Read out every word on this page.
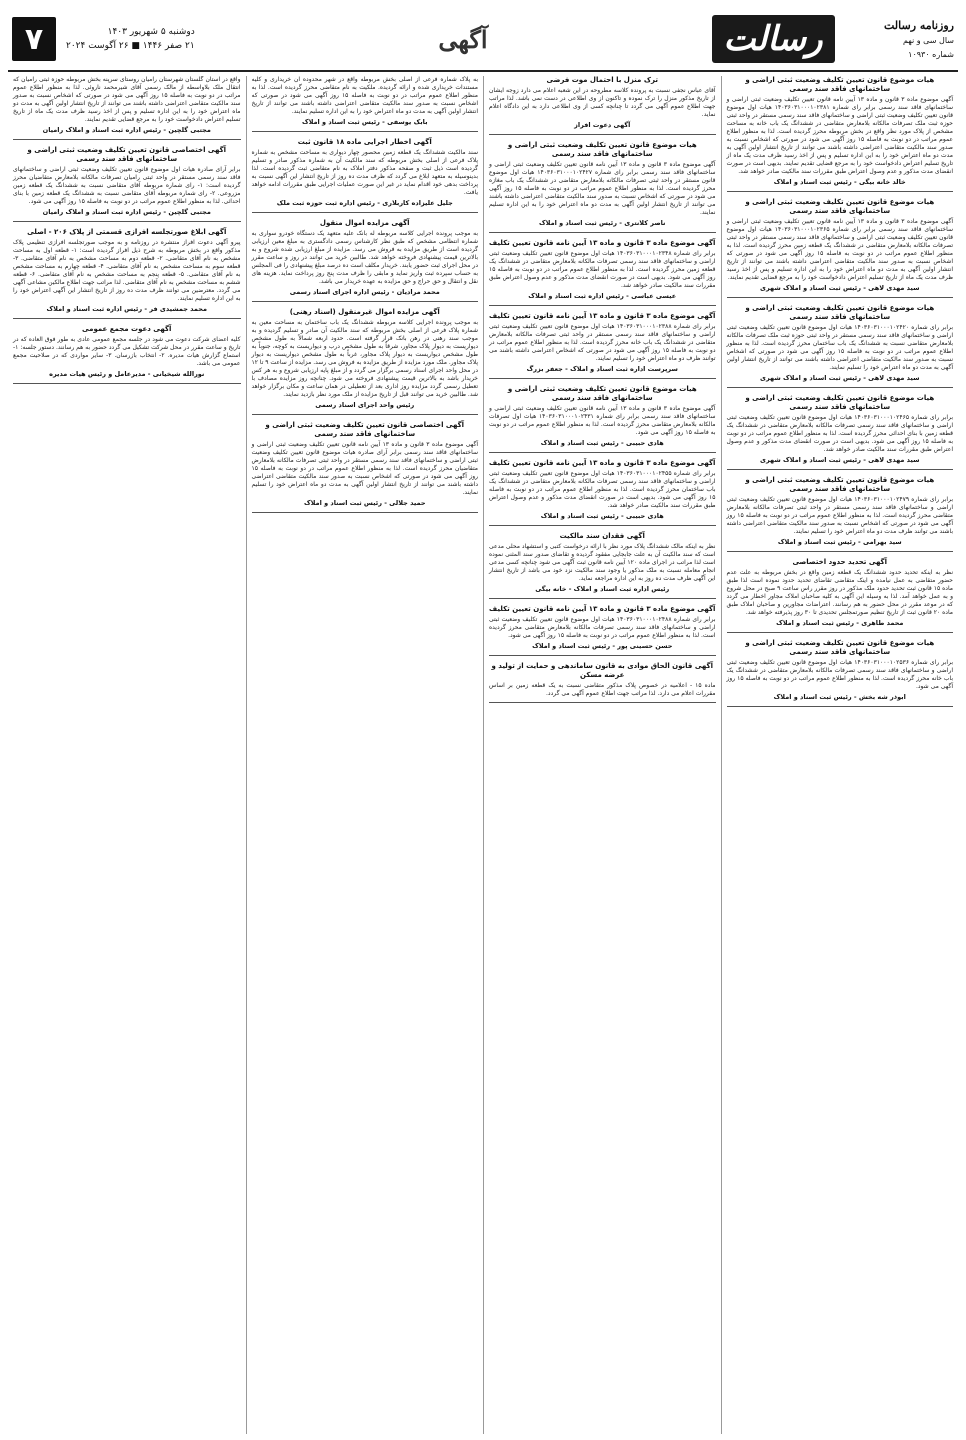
روزنامه رسالت
سال سی و نهم
شماره ۱۰۹۳۰
رسالت
آگهی
دوشنبه ۵ شهریور ۱۴۰۳
۲۱ صفر ۱۴۴۶ ■ ۲۶ آگوست ۲۰۲۴
۷
هیات موضوع قانون تعیین تکلیف وضعیت ثبتی اراضی و ساختمانهای فاقد سند رسمی
آگهی موضوع ماده ۳ قانون و ماده ۱۳ آیین نامه قانون تعیین تکلیف وضعیت ثبتی اراضی و ساختمانهای فاقد سند رسمی برابر رای شماره ۱۴۰۳۶۰۳۱۰۰۰۱۰۲۳۸۱ هیات اول موضوع قانون تعیین تکلیف وضعیت ثبتی اراضی و ساختمانهای فاقد سند رسمی مستقر در واحد ثبتی حوزه ثبت ملک تصرفات مالکانه بلامعارض متقاضی در ششدانگ یک باب خانه به مساحت مشخص از پلاک مورد نظر واقع در بخش مربوطه محرز گردیده است. لذا به منظور اطلاع عموم مراتب در دو نوبت به فاصله ۱۵ روز آگهی می شود در صورتی که اشخاص نسبت به صدور سند مالکیت متقاضی اعتراضی داشته باشند می توانند از تاریخ انتشار اولین آگهی به مدت دو ماه اعتراض خود را به این اداره تسلیم و پس از اخذ رسید ظرف مدت یک ماه از تاریخ تسلیم اعتراض دادخواست خود را به مرجع قضایی تقدیم نمایند. بدیهی است در صورت انقضای مدت مذکور و عدم وصول اعتراض طبق مقررات سند مالکیت صادر خواهد شد.
خالد خانه بیگی - رئیس ثبت اسناد و املاک
هیات موضوع قانون تعیین تکلیف وضعیت ثبتی اراضی و ساختمانهای فاقد سند رسمی
آگهی موضوع ماده ۳ قانون و ماده ۱۳ آیین نامه قانون تعیین تکلیف وضعیت ثبتی اراضی و ساختمانهای فاقد سند رسمی برابر رای شماره ۱۴۰۳۶۰۳۱۰۰۰۱۰۲۳۶۵ هیات اول موضوع قانون تعیین تکلیف وضعیت ثبتی اراضی و ساختمانهای فاقد سند رسمی مستقر در واحد ثبتی تصرفات مالکانه بلامعارض متقاضی در ششدانگ یک قطعه زمین محرز گردیده است. لذا به منظور اطلاع عموم مراتب در دو نوبت به فاصله ۱۵ روز آگهی می شود در صورتی که اشخاص نسبت به صدور سند مالکیت متقاضی اعتراضی داشته باشند می توانند از تاریخ انتشار اولین آگهی به مدت دو ماه اعتراض خود را به این اداره تسلیم و پس از اخذ رسید ظرف مدت یک ماه از تاریخ تسلیم اعتراض دادخواست خود را به مرجع قضایی تقدیم نمایند.
سید مهدی لاهی - رئیس ثبت اسناد و املاک شهری
هیات موضوع قانون تعیین تکلیف وضعیت ثبتی اراضی و ساختمانهای فاقد سند رسمی
برابر رای شماره ۱۴۰۳۶۰۳۱۰۰۰۱۰۲۴۲۰ هیات اول موضوع قانون تعیین تکلیف وضعیت ثبتی اراضی و ساختمانهای فاقد سند رسمی مستقر در واحد ثبتی حوزه ثبت ملک تصرفات مالکانه بلامعارض متقاضی نسبت به ششدانگ یک باب ساختمان محرز گردیده است. لذا به منظور اطلاع عموم مراتب در دو نوبت به فاصله ۱۵ روز آگهی می شود در صورتی که اشخاص نسبت به صدور سند مالکیت متقاضی اعتراضی داشته باشند می توانند از تاریخ انتشار اولین آگهی به مدت دو ماه اعتراض خود را تسلیم نمایند.
سید مهدی لاهی - رئیس ثبت اسناد و املاک شهری
هیات موضوع قانون تعیین تکلیف وضعیت ثبتی اراضی و ساختمانهای فاقد سند رسمی
برابر رای شماره ۱۴۰۳۶۰۳۱۰۰۰۱۰۲۴۶۵ هیات اول موضوع قانون تعیین تکلیف وضعیت ثبتی اراضی و ساختمانهای فاقد سند رسمی تصرفات مالکانه بلامعارض متقاضی در ششدانگ یک قطعه زمین با بنای احداثی محرز گردیده است. لذا به منظور اطلاع عموم مراتب در دو نوبت به فاصله ۱۵ روز آگهی می شود. بدیهی است در صورت انقضای مدت مذکور و عدم وصول اعتراض طبق مقررات سند مالکیت صادر خواهد شد.
سید مهدی لاهی - رئیس ثبت اسناد و املاک شهری
هیات موضوع قانون تعیین تکلیف وضعیت ثبتی اراضی و ساختمانهای فاقد سند رسمی
برابر رای شماره ۱۴۰۳۶۰۳۱۰۰۰۱۰۲۴۷۹ هیات اول موضوع قانون تعیین تکلیف وضعیت ثبتی اراضی و ساختمانهای فاقد سند رسمی مستقر در واحد ثبتی تصرفات مالکانه بلامعارض متقاضی محرز گردیده است. لذا به منظور اطلاع عموم مراتب در دو نوبت به فاصله ۱۵ روز آگهی می شود در صورتی که اشخاص نسبت به صدور سند مالکیت متقاضی اعتراضی داشته باشند می توانند ظرف مدت دو ماه اعتراض خود را تسلیم نمایند.
سید بهرامی - رئیس ثبت اسناد و املاک
آگهی تحدید حدود اختصاصی
نظر به اینکه تحدید حدود ششدانگ یک قطعه زمین واقع در بخش مربوطه به علت عدم حضور متقاضی به عمل نیامده و اینک متقاضی تقاضای تحدید حدود نموده است لذا طبق ماده ۱۵ قانون ثبت تحدید حدود ملک مذکور در روز مقرر راس ساعت ۹ صبح در محل شروع و به عمل خواهد آمد. لذا به وسیله این آگهی به کلیه صاحبان املاک مجاور اخطار می گردد که در موعد مقرر در محل حضور به هم رسانند. اعتراضات مجاورین و صاحبان املاک طبق ماده ۲۰ قانون ثبت از تاریخ تنظیم صورتمجلس تحدیدی تا ۳۰ روز پذیرفته خواهد شد.
محمد طاهری - رئیس ثبت اسناد و املاک
هیات موضوع قانون تعیین تکلیف وضعیت ثبتی اراضی و ساختمانهای فاقد سند رسمی
برابر رای شماره ۱۴۰۳۶۰۳۱۰۰۰۱۰۲۵۳۶ هیات اول موضوع قانون تعیین تکلیف وضعیت ثبتی اراضی و ساختمانهای فاقد سند رسمی تصرفات مالکانه بلامعارض متقاضی در ششدانگ یک باب خانه محرز گردیده است. لذا به منظور اطلاع عموم مراتب در دو نوبت به فاصله ۱۵ روز آگهی می شود.
ابوذر شه بخش - رئیس ثبت اسناد و املاک
ترک منزل با احتمال موت فرضی
آقای عباس نجفی نسبت به پرونده کلاسه مطروحه در این شعبه اعلام می دارد زوجه ایشان از تاریخ مذکور منزل را ترک نموده و تاکنون از وی اطلاعی در دست نمی باشد. لذا مراتب جهت اطلاع عموم آگهی می گردد تا چنانچه کسی از وی اطلاعی دارد به این دادگاه اعلام نماید.
آگهی دعوت افراز
هیات موضوع قانون تعیین تکلیف وضعیت ثبتی اراضی و ساختمانهای فاقد سند رسمی
آگهی موضوع ماده ۳ قانون و ماده ۱۳ آیین نامه قانون تعیین تکلیف وضعیت ثبتی اراضی و ساختمانهای فاقد سند رسمی برابر رای شماره ۱۴۰۳۶۰۳۱۰۰۰۱۰۲۴۲۷ هیات اول موضوع قانون مستقر در واحد ثبتی تصرفات مالکانه بلامعارض متقاضی در ششدانگ یک باب مغازه محرز گردیده است. لذا به منظور اطلاع عموم مراتب در دو نوبت به فاصله ۱۵ روز آگهی می شود در صورتی که اشخاص نسبت به صدور سند مالکیت متقاضی اعتراضی داشته باشند می توانند از تاریخ انتشار اولین آگهی به مدت دو ماه اعتراض خود را به این اداره تسلیم نمایند.
ناصر کلانتری - رئیس ثبت اسناد و املاک
آگهی موضوع ماده ۳ قانون و ماده ۱۳ آیین نامه قانون تعیین تکلیف
برابر رای شماره ۱۴۰۳۶۰۳۱۰۰۰۱۰۲۳۴۸ هیات اول موضوع قانون تعیین تکلیف وضعیت ثبتی اراضی و ساختمانهای فاقد سند رسمی تصرفات مالکانه بلامعارض متقاضی در ششدانگ یک قطعه زمین محرز گردیده است. لذا به منظور اطلاع عموم مراتب در دو نوبت به فاصله ۱۵ روز آگهی می شود. بدیهی است در صورت انقضای مدت مذکور و عدم وصول اعتراض طبق مقررات سند مالکیت صادر خواهد شد.
عیسی عباسی - رئیس اداره ثبت اسناد و املاک
آگهی موضوع ماده ۳ قانون و ماده ۱۳ آیین نامه قانون تعیین تکلیف
برابر رای شماره ۱۴۰۳۶۰۳۱۰۰۰۱۰۲۳۸۸ هیات اول موضوع قانون تعیین تکلیف وضعیت ثبتی اراضی و ساختمانهای فاقد سند رسمی مستقر در واحد ثبتی تصرفات مالکانه بلامعارض متقاضی در ششدانگ یک باب خانه محرز گردیده است. لذا به منظور اطلاع عموم مراتب در دو نوبت به فاصله ۱۵ روز آگهی می شود در صورتی که اشخاص اعتراضی داشته باشند می توانند ظرف دو ماه اعتراض خود را تسلیم نمایند.
سرپرست اداره ثبت اسناد و املاک - جعفر بزرگ
هیات موضوع قانون تعیین تکلیف وضعیت ثبتی اراضی و ساختمانهای فاقد سند رسمی
آگهی موضوع ماده ۳ قانون و ماده ۱۳ آیین نامه قانون تعیین تکلیف وضعیت ثبتی اراضی و ساختمانهای فاقد سند رسمی برابر رای شماره ۱۴۰۳۶۰۳۱۰۰۰۱۰۲۴۳۱ هیات اول تصرفات مالکانه بلامعارض متقاضی محرز گردیده است. لذا به منظور اطلاع عموم مراتب در دو نوبت به فاصله ۱۵ روز آگهی می شود.
هادی حبیبی - رئیس ثبت اسناد و املاک
آگهی موضوع ماده ۳ قانون و ماده ۱۳ آیین نامه قانون تعیین تکلیف
برابر رای شماره ۱۴۰۳۶۰۳۱۰۰۰۱۰۲۴۵۵ هیات اول موضوع قانون تعیین تکلیف وضعیت ثبتی اراضی و ساختمانهای فاقد سند رسمی تصرفات مالکانه بلامعارض متقاضی در ششدانگ یک باب ساختمان محرز گردیده است. لذا به منظور اطلاع عموم مراتب در دو نوبت به فاصله ۱۵ روز آگهی می شود. بدیهی است در صورت انقضای مدت مذکور و عدم وصول اعتراض طبق مقررات سند مالکیت صادر خواهد شد.
هادی حبیبی - رئیس ثبت اسناد و املاک
آگهی فقدان سند مالکیت
نظر به اینکه مالک ششدانگ پلاک مورد نظر با ارائه درخواست کتبی و استشهاد محلی مدعی است که سند مالکیت آن به علت جابجایی مفقود گردیده و تقاضای صدور سند المثنی نموده است لذا مراتب در اجرای ماده ۱۲۰ آیین نامه قانون ثبت آگهی می شود چنانچه کسی مدعی انجام معامله نسبت به ملک مذکور یا وجود سند مالکیت نزد خود می باشد از تاریخ انتشار این آگهی ظرف مدت ده روز به این اداره مراجعه نماید.
رئیس اداره ثبت اسناد و املاک - خانه بیگی
آگهی موضوع ماده ۳ قانون و ماده ۱۳ آیین نامه قانون تعیین تکلیف
برابر رای شماره ۱۴۰۳۶۰۳۱۰۰۰۱۰۲۴۸۸ هیات اول موضوع قانون تعیین تکلیف وضعیت ثبتی اراضی و ساختمانهای فاقد سند رسمی تصرفات مالکانه بلامعارض متقاضی محرز گردیده است. لذا به منظور اطلاع عموم مراتب در دو نوبت به فاصله ۱۵ روز آگهی می شود.
حسن حسینی پور - رئیس ثبت اسناد و املاک
آگهی قانون الحاق موادی به قانون ساماندهی و حمایت از تولید و عرضه مسکن
ماده ۱۵ - اعلامیه در خصوص پلاک مذکور متقاضی نسبت به یک قطعه زمین بر اساس مقررات اعلام می دارد. لذا مراتب جهت اطلاع عموم آگهی می گردد.
به پلاک شماره فرعی از اصلی بخش مربوطه واقع در شهر محدوده آن خریداری و کلیه مستندات خریداری شده و ارائه گردیده. ملکیت به نام متقاضی محرز گردیده است. لذا به منظور اطلاع عموم مراتب در دو نوبت به فاصله ۱۵ روز آگهی می شود در صورتی که اشخاص نسبت به صدور سند مالکیت متقاضی اعتراضی داشته باشند می توانند از تاریخ انتشار اولین آگهی به مدت دو ماه اعتراض خود را به این اداره تسلیم نمایند.
بابک یوسفی - رئیس ثبت اسناد و املاک
آگهی اخطار اجرایی ماده ۱۸ قانون ثبت
سند مالکیت ششدانگ یک قطعه زمین محصور چهار دیواری به مساحت مشخص به شماره پلاک فرعی از اصلی بخش مربوطه که سند مالکیت آن به شماره مذکور صادر و تسلیم گردیده است ذیل ثبت و صفحه مذکور دفتر املاک به نام متقاضی ثبت گردیده است. لذا بدینوسیله به متعهد ابلاغ می گردد که ظرف مدت ده روز از تاریخ انتشار این آگهی نسبت به پرداخت بدهی خود اقدام نماید در غیر این صورت عملیات اجرایی طبق مقررات ادامه خواهد یافت.
جلیل علیزاده کاربلاری - رئیس اداره ثبت حوزه ثبت ملک
آگهی مزایده اموال منقول
به موجب پرونده اجرایی کلاسه مربوطه له بانک علیه متعهد یک دستگاه خودرو سواری به شماره انتظامی مشخص که طبق نظر کارشناس رسمی دادگستری به مبلغ معین ارزیابی گردیده است از طریق مزایده به فروش می رسد. مزایده از مبلغ ارزیابی شده شروع و به بالاترین قیمت پیشنهادی فروخته خواهد شد. طالبین خرید می توانند در روز و ساعت مقرر در محل اجرای ثبت حضور یابند. خریدار مکلف است ده درصد مبلغ پیشنهادی را فی المجلس به حساب سپرده ثبت واریز نماید و مابقی را ظرف مدت پنج روز پرداخت نماید. هزینه های نقل و انتقال و حق حراج و حق مزایده به عهده خریدار می باشد.
محمد مرادیان - رئیس اداره اجرای اسناد رسمی
آگهی مزایده اموال غیرمنقول (اسناد رهنی)
به موجب پرونده اجرایی کلاسه مربوطه ششدانگ یک باب ساختمان به مساحت معین به شماره پلاک فرعی از اصلی بخش مربوطه که سند مالکیت آن صادر و تسلیم گردیده و به موجب سند رهنی در رهن بانک قرار گرفته است. حدود اربعه شمالاً به طول مشخص دیواریست به دیوار پلاک مجاور، شرقاً به طول مشخص درب و دیواریست به کوچه، جنوباً به طول مشخص دیواریست به دیوار پلاک مجاور، غرباً به طول مشخص دیواریست به دیوار پلاک مجاور. ملک مورد مزایده از طریق مزایده به فروش می رسد. مزایده از ساعت ۹ تا ۱۲ در محل واحد اجرای اسناد رسمی برگزار می گردد و از مبلغ پایه ارزیابی شروع و به هر کس خریدار باشد به بالاترین قیمت پیشنهادی فروخته می شود. چنانچه روز مزایده مصادف با تعطیل رسمی گردد مزایده روز اداری بعد از تعطیلی در همان ساعت و مکان برگزار خواهد شد. طالبین خرید می توانند قبل از تاریخ مزایده از ملک مورد نظر بازدید نمایند.
رئیس واحد اجرای اسناد رسمی
آگهی اختصاصی قانون تعیین تکلیف وضعیت ثبتی اراضی و ساختمانهای فاقد سند رسمی
آگهی موضوع ماده ۳ قانون و ماده ۱۳ آیین نامه قانون تعیین تکلیف وضعیت ثبتی اراضی و ساختمانهای فاقد سند رسمی برابر آرای صادره هیات موضوع قانون تعیین تکلیف وضعیت ثبتی اراضی و ساختمانهای فاقد سند رسمی مستقر در واحد ثبتی تصرفات مالکانه بلامعارض متقاضیان محرز گردیده است. لذا به منظور اطلاع عموم مراتب در دو نوبت به فاصله ۱۵ روز آگهی می شود در صورتی که اشخاص نسبت به صدور سند مالکیت متقاضی اعتراضی داشته باشند می توانند از تاریخ انتشار اولین آگهی به مدت دو ماه اعتراض خود را تسلیم نمایند.
حمید جلالی - رئیس ثبت اسناد و املاک
واقع در استان گلستان شهرستان رامیان روستای سرپنه بخش مربوطه حوزه ثبتی رامیان که انتقال ملک بلاواسطه از مالک رسمی آقای شیرمحمد ناروئی. لذا به منظور اطلاع عموم مراتب در دو نوبت به فاصله ۱۵ روز آگهی می شود در صورتی که اشخاص نسبت به صدور سند مالکیت متقاضی اعتراضی داشته باشند می توانند از تاریخ انتشار اولین آگهی به مدت دو ماه اعتراض خود را به این اداره تسلیم و پس از اخذ رسید ظرف مدت یک ماه از تاریخ تسلیم اعتراض دادخواست خود را به مرجع قضایی تقدیم نمایند.
مجتبی گلچین - رئیس اداره ثبت اسناد و املاک رامیان
آگهی اختصاصی قانون تعیین تکلیف وضعیت ثبتی اراضی و ساختمانهای فاقد سند رسمی
برابر آرای صادره هیات اول موضوع قانون تعیین تکلیف وضعیت ثبتی اراضی و ساختمانهای فاقد سند رسمی مستقر در واحد ثبتی رامیان تصرفات مالکانه بلامعارض متقاضیان محرز گردیده است: ۱- رای شماره مربوطه آقای متقاضی نسبت به ششدانگ یک قطعه زمین مزروعی. ۲- رای شماره مربوطه آقای متقاضی نسبت به ششدانگ یک قطعه زمین با بنای احداثی. لذا به منظور اطلاع عموم مراتب در دو نوبت به فاصله ۱۵ روز آگهی می شود.
مجتبی گلچین - رئیس اداره ثبت اسناد و املاک رامیان
آگهی ابلاغ صورتجلسه افرازی قسمتی از پلاک ۲۰۶ - اصلی
پیرو آگهی دعوت افراز منتشره در روزنامه و به موجب صورتجلسه افرازی تنظیمی پلاک مذکور واقع در بخش مربوطه به شرح ذیل افراز گردیده است: ۱- قطعه اول به مساحت مشخص به نام آقای متقاضی. ۲- قطعه دوم به مساحت مشخص به نام آقای متقاضی. ۳- قطعه سوم به مساحت مشخص به نام آقای متقاضی. ۴- قطعه چهارم به مساحت مشخص به نام آقای متقاضی. ۵- قطعه پنجم به مساحت مشخص به نام آقای متقاضی. ۶- قطعه ششم به مساحت مشخص به نام آقای متقاضی. لذا مراتب جهت اطلاع مالکین مشاعی آگهی می گردد. معترضین می توانند ظرف مدت ده روز از تاریخ انتشار این آگهی اعتراض خود را به این اداره تسلیم نمایند.
محمد جمشیدی فر - رئیس اداره ثبت اسناد و املاک
آگهی دعوت مجمع عمومی
کلیه اعضای شرکت دعوت می شود در جلسه مجمع عمومی عادی به طور فوق العاده که در تاریخ و ساعت مقرر در محل شرکت تشکیل می گردد حضور به هم رسانند. دستور جلسه: ۱- استماع گزارش هیات مدیره. ۲- انتخاب بازرسان. ۳- سایر مواردی که در صلاحیت مجمع عمومی می باشد.
نورالله شیخیانی - مدیرعامل و رئیس هیات مدیره
